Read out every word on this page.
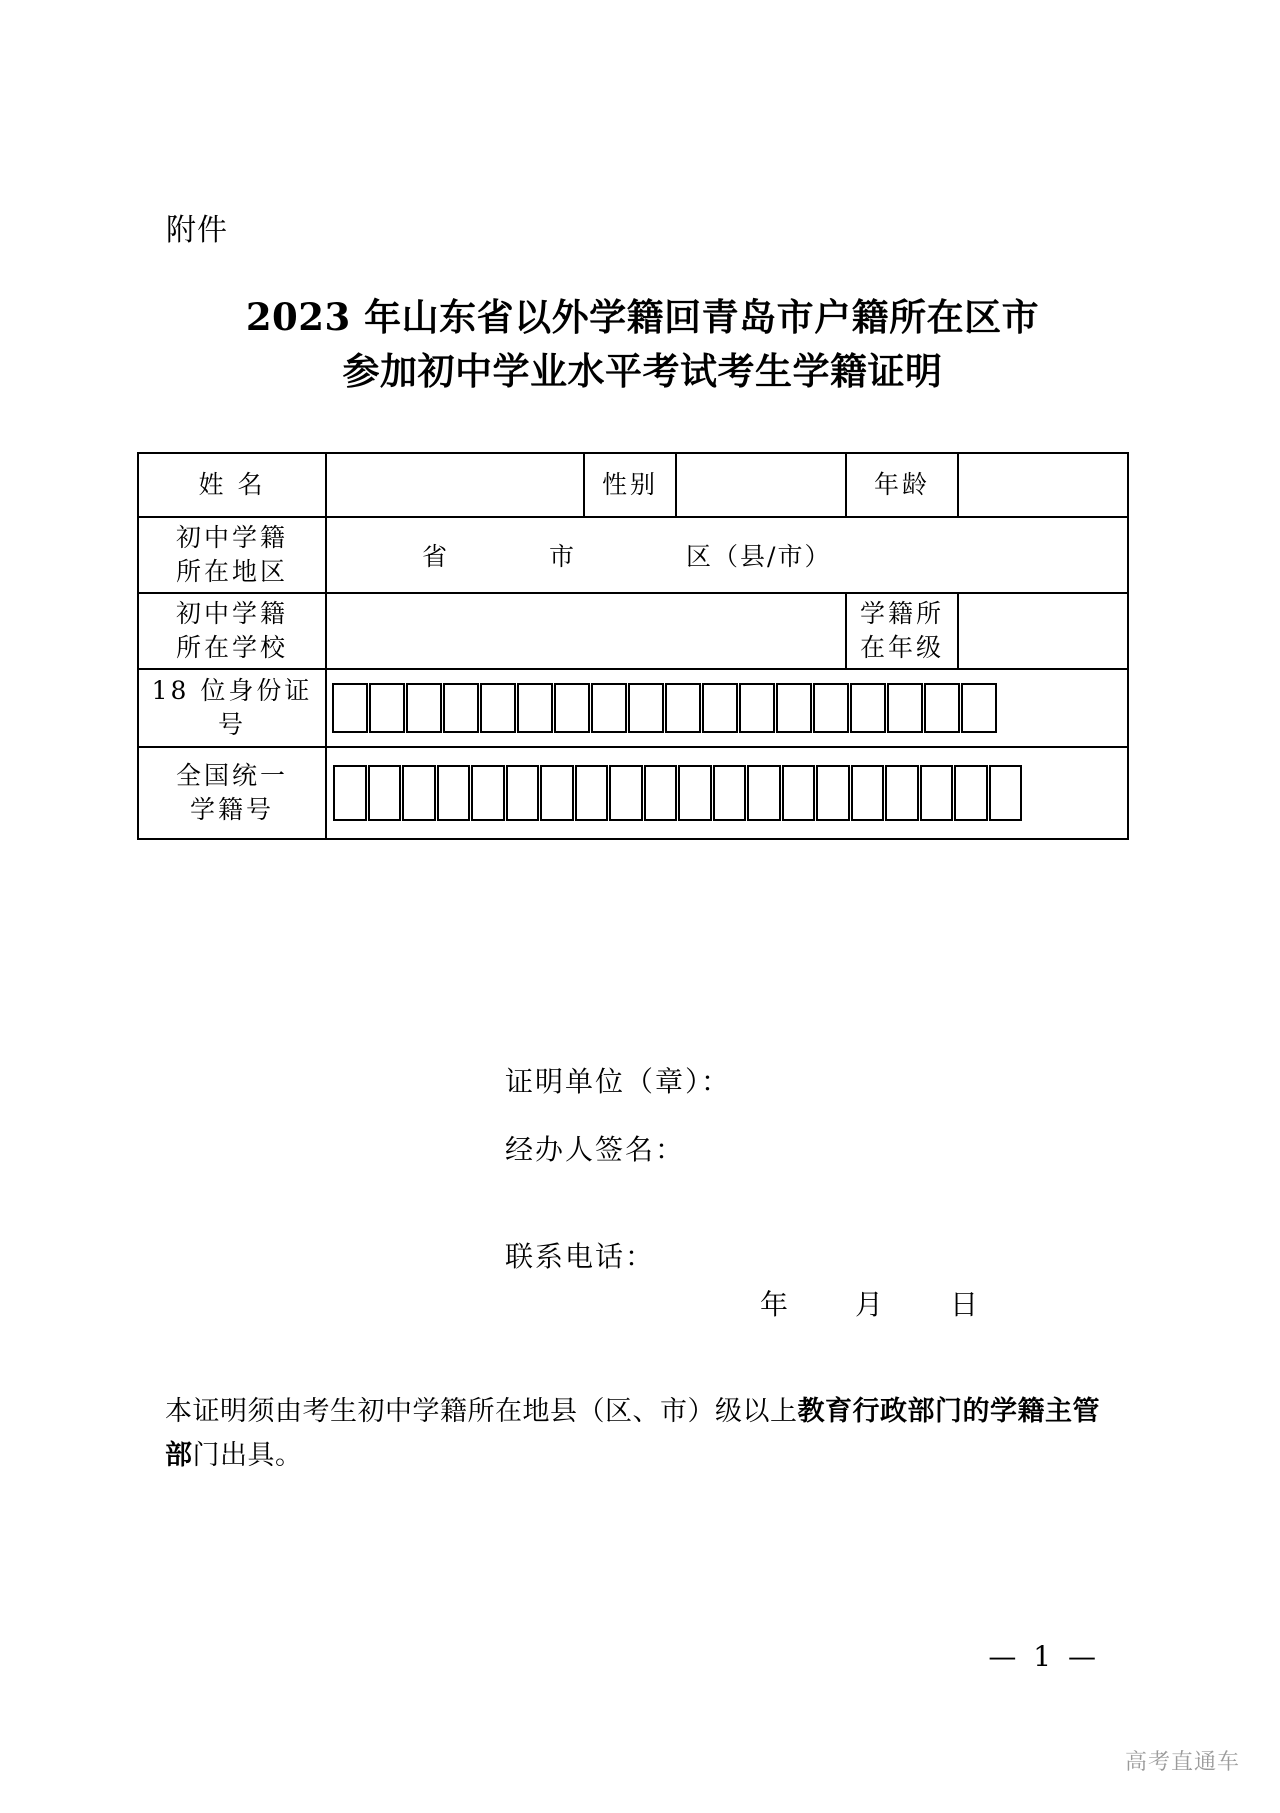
附件
2023 年山东省以外学籍回青岛市户籍所在区市
参加初中学业水平考试考生学籍证明
姓 名		性别		年龄	

初中学籍
所在地区	省 市 区（县/市）				

初中学籍
所在学校				学籍所
在年级	

18 位身份证号					

全国统一
学籍号					

证明单位（章）：
经办人签名：
联系电话：
年 月 日
本证明须由考生初中学籍所在地县（区、市）级以上教育行政部门的学籍主管部门出具。
— 1 —
高考直通车
